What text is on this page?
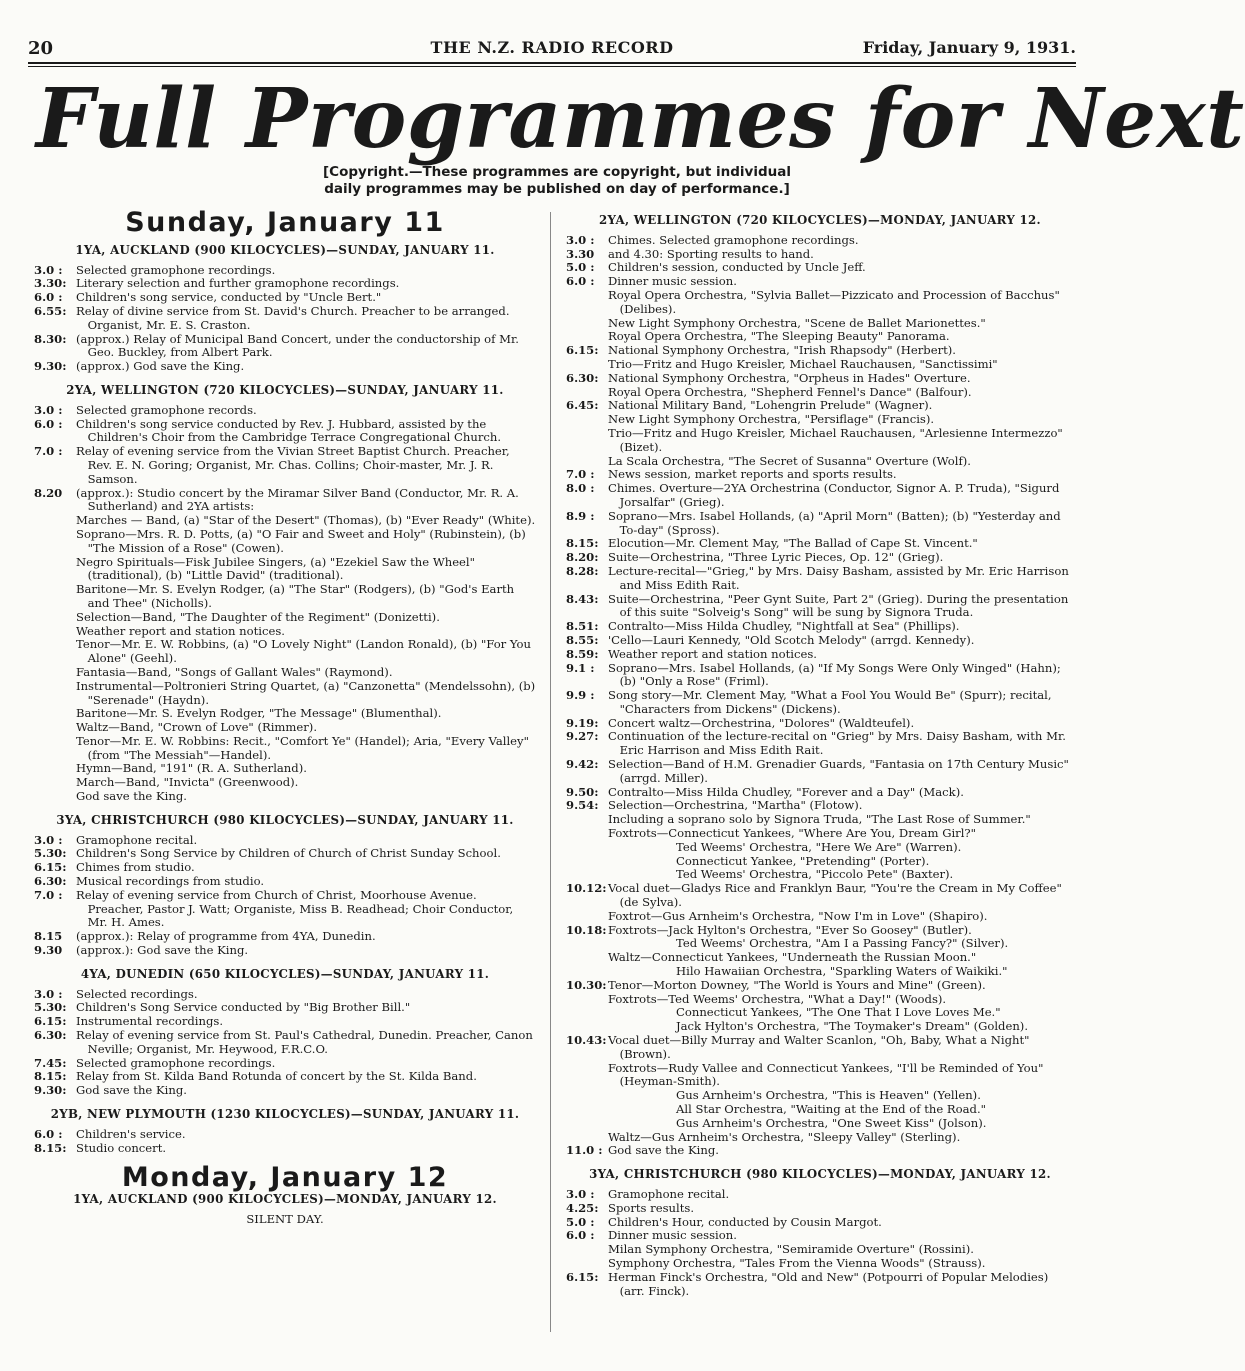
20	THE N.Z. RADIO RECORD	Friday, January 9, 1931.
Full Programmes for Next
[Copyright.—These programmes are copyright, but individual
daily programmes may be published on day of performance.]
Sunday, January 11
1YA, AUCKLAND (900 KILOCYCLES)—SUNDAY, JANUARY 11.
3.0 : Selected gramophone recordings.
3.30: Literary selection and further gramophone recordings.
6.0 : Children's song service, conducted by "Uncle Bert."
6.55: Relay of divine service from St. David's Church. Preacher to be arranged. Organist, Mr. E. S. Craston.
8.30: (approx.) Relay of Municipal Band Concert, under the conductorship of Mr. Geo. Buckley, from Albert Park.
9.30: (approx.) God save the King.
2YA, WELLINGTON (720 KILOCYCLES)—SUNDAY, JANUARY 11.
3.0 : Selected gramophone records.
6.0 : Children's song service conducted by Rev. J. Hubbard, assisted by the Children's Choir from the Cambridge Terrace Congregational Church.
7.0 : Relay of evening service from the Vivian Street Baptist Church. Preacher, Rev. E. N. Goring; Organist, Mr. Chas. Collins; Choir-master, Mr. J. R. Samson.
8.20 (approx.): Studio concert by the Miramar Silver Band (Conductor, Mr. R. A. Sutherland) and 2YA artists:
Marches — Band, (a) "Star of the Desert" (Thomas), (b) "Ever Ready" (White).
Soprano—Mrs. R. D. Potts, (a) "O Fair and Sweet and Holy" (Rubinstein), (b) "The Mission of a Rose" (Cowen).
Negro Spirituals—Fisk Jubilee Singers, (a) "Ezekiel Saw the Wheel" (traditional), (b) "Little David" (traditional).
Baritone—Mr. S. Evelyn Rodger, (a) "The Star" (Rodgers), (b) "God's Earth and Thee" (Nicholls).
Selection—Band, "The Daughter of the Regiment" (Donizetti).
Weather report and station notices.
Tenor—Mr. E. W. Robbins, (a) "O Lovely Night" (Landon Ronald), (b) "For You Alone" (Geehl).
Fantasia—Band, "Songs of Gallant Wales" (Raymond).
Instrumental—Poltronieri String Quartet, (a) "Canzonetta" (Mendelssohn), (b) "Serenade" (Haydn).
Baritone—Mr. S. Evelyn Rodger, "The Message" (Blumenthal).
Waltz—Band, "Crown of Love" (Rimmer).
Tenor—Mr. E. W. Robbins: Recit., "Comfort Ye" (Handel); Aria, "Every Valley" (from "The Messiah"—Handel).
Hymn—Band, "191" (R. A. Sutherland).
March—Band, "Invicta" (Greenwood).
God save the King.
3YA, CHRISTCHURCH (980 KILOCYCLES)—SUNDAY, JANUARY 11.
3.0 : Gramophone recital.
5.30: Children's Song Service by Children of Church of Christ Sunday School.
6.15: Chimes from studio.
6.30: Musical recordings from studio.
7.0 : Relay of evening service from Church of Christ, Moorhouse Avenue. Preacher, Pastor J. Watt; Organiste, Miss B. Readhead; Choir Conductor, Mr. H. Ames.
8.15 (approx.): Relay of programme from 4YA, Dunedin.
9.30 (approx.): God save the King.
4YA, DUNEDIN (650 KILOCYCLES)—SUNDAY, JANUARY 11.
3.0 : Selected recordings.
5.30: Children's Song Service conducted by "Big Brother Bill."
6.15: Instrumental recordings.
6.30: Relay of evening service from St. Paul's Cathedral, Dunedin. Preacher, Canon Neville; Organist, Mr. Heywood, F.R.C.O.
7.45: Selected gramophone recordings.
8.15: Relay from St. Kilda Band Rotunda of concert by the St. Kilda Band.
9.30: God save the King.
2YB, NEW PLYMOUTH (1230 KILOCYCLES)—SUNDAY, JANUARY 11.
6.0 : Children's service.
8.15: Studio concert.
Monday, January 12
1YA, AUCKLAND (900 KILOCYCLES)—MONDAY, JANUARY 12.
SILENT DAY.
2YA, WELLINGTON (720 KILOCYCLES)—MONDAY, JANUARY 12.
3.0 : Chimes. Selected gramophone recordings.
3.30 and 4.30: Sporting results to hand.
5.0 : Children's session, conducted by Uncle Jeff.
6.0 : Dinner music session.
Royal Opera Orchestra, "Sylvia Ballet—Pizzicato and Procession of Bacchus" (Delibes).
New Light Symphony Orchestra, "Scene de Ballet Marionettes."
Royal Opera Orchestra, "The Sleeping Beauty" Panorama.
6.15: National Symphony Orchestra, "Irish Rhapsody" (Herbert).
Trio—Fritz and Hugo Kreisler, Michael Rauchausen, "Sanctissimi"
6.30: National Symphony Orchestra, "Orpheus in Hades" Overture.
Royal Opera Orchestra, "Shepherd Fennel's Dance" (Balfour).
6.45: National Military Band, "Lohengrin Prelude" (Wagner).
New Light Symphony Orchestra, "Persiflage" (Francis).
Trio—Fritz and Hugo Kreisler, Michael Rauchausen, "Arlesienne Intermezzo" (Bizet).
La Scala Orchestra, "The Secret of Susanna" Overture (Wolf).
7.0 : News session, market reports and sports results.
8.0 : Chimes. Overture—2YA Orchestrina (Conductor, Signor A. P. Truda), "Sigurd Jorsalfar" (Grieg).
8.9 : Soprano—Mrs. Isabel Hollands, (a) "April Morn" (Batten); (b) "Yesterday and To-day" (Spross).
8.15: Elocution—Mr. Clement May, "The Ballad of Cape St. Vincent."
8.20: Suite—Orchestrina, "Three Lyric Pieces, Op. 12" (Grieg).
8.28: Lecture-recital—"Grieg," by Mrs. Daisy Basham, assisted by Mr. Eric Harrison and Miss Edith Rait.
8.43: Suite—Orchestrina, "Peer Gynt Suite, Part 2" (Grieg). During the presentation of this suite "Solveig's Song" will be sung by Signora Truda.
8.51: Contralto—Miss Hilda Chudley, "Nightfall at Sea" (Phillips).
8.55: 'Cello—Lauri Kennedy, "Old Scotch Melody" (arrgd. Kennedy).
8.59: Weather report and station notices.
9.1 : Soprano—Mrs. Isabel Hollands, (a) "If My Songs Were Only Winged" (Hahn); (b) "Only a Rose" (Friml).
9.9 : Song story—Mr. Clement May, "What a Fool You Would Be" (Spurr); recital, "Characters from Dickens" (Dickens).
9.19: Concert waltz—Orchestrina, "Dolores" (Waldteufel).
9.27: Continuation of the lecture-recital on "Grieg" by Mrs. Daisy Basham, with Mr. Eric Harrison and Miss Edith Rait.
9.42: Selection—Band of H.M. Grenadier Guards, "Fantasia on 17th Century Music" (arrgd. Miller).
9.50: Contralto—Miss Hilda Chudley, "Forever and a Day" (Mack).
9.54: Selection—Orchestrina, "Martha" (Flotow).
Including a soprano solo by Signora Truda, "The Last Rose of Summer."
Foxtrots—Connecticut Yankees, "Where Are You, Dream Girl?"
Ted Weems' Orchestra, "Here We Are" (Warren).
Connecticut Yankee, "Pretending" (Porter).
Ted Weems' Orchestra, "Piccolo Pete" (Baxter).
10.12: Vocal duet—Gladys Rice and Franklyn Baur, "You're the Cream in My Coffee" (de Sylva).
Foxtrot—Gus Arnheim's Orchestra, "Now I'm in Love" (Shapiro).
10.18: Foxtrots—Jack Hylton's Orchestra, "Ever So Goosey" (Butler).
Ted Weems' Orchestra, "Am I a Passing Fancy?" (Silver).
Waltz—Connecticut Yankees, "Underneath the Russian Moon."
Hilo Hawaiian Orchestra, "Sparkling Waters of Waikiki."
10.30: Tenor—Morton Downey, "The World is Yours and Mine" (Green).
Foxtrots—Ted Weems' Orchestra, "What a Day!" (Woods).
Connecticut Yankees, "The One That I Love Loves Me."
Jack Hylton's Orchestra, "The Toymaker's Dream" (Golden).
10.43: Vocal duet—Billy Murray and Walter Scanlon, "Oh, Baby, What a Night" (Brown).
Foxtrots—Rudy Vallee and Connecticut Yankees, "I'll be Reminded of You" (Heyman-Smith).
Gus Arnheim's Orchestra, "This is Heaven" (Yellen).
All Star Orchestra, "Waiting at the End of the Road."
Gus Arnheim's Orchestra, "One Sweet Kiss" (Jolson).
Waltz—Gus Arnheim's Orchestra, "Sleepy Valley" (Sterling).
11.0 : God save the King.
3YA, CHRISTCHURCH (980 KILOCYCLES)—MONDAY, JANUARY 12.
3.0 : Gramophone recital.
4.25: Sports results.
5.0 : Children's Hour, conducted by Cousin Margot.
6.0 : Dinner music session.
Milan Symphony Orchestra, "Semiramide Overture" (Rossini).
Symphony Orchestra, "Tales From the Vienna Woods" (Strauss).
6.15: Herman Finck's Orchestra, "Old and New" (Potpourri of Popular Melodies) (arr. Finck).
